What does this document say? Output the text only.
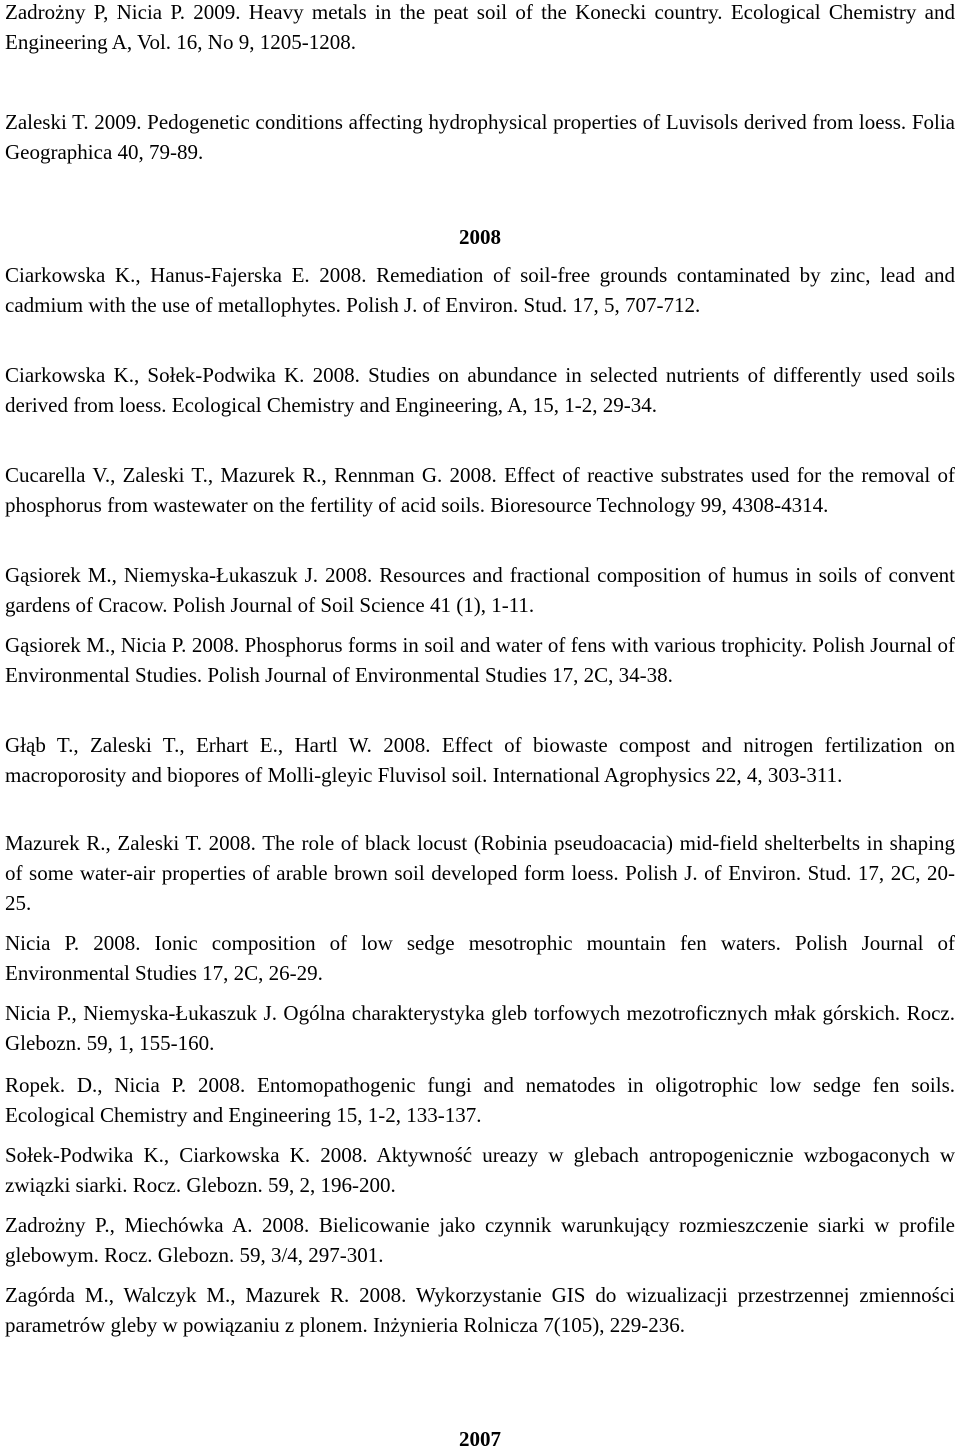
Zadrożny P, Nicia P. 2009. Heavy metals in the peat soil of the Konecki country. Ecological Chemistry and Engineering A, Vol. 16, No 9, 1205-1208.
Zaleski T. 2009. Pedogenetic conditions affecting hydrophysical properties of Luvisols derived from loess. Folia Geographica 40, 79-89.
2008
Ciarkowska K., Hanus-Fajerska E. 2008. Remediation of soil-free grounds contaminated by zinc, lead and cadmium with the use of metallophytes. Polish J. of Environ. Stud. 17, 5, 707-712.
Ciarkowska K., Sołek-Podwika K. 2008. Studies on abundance in selected nutrients of differently used soils derived from loess. Ecological Chemistry and Engineering, A, 15, 1-2, 29-34.
Cucarella V., Zaleski T., Mazurek R., Rennman G. 2008. Effect of reactive substrates used for the removal of phosphorus from wastewater on the fertility of acid soils. Bioresource Technology 99, 4308-4314.
Gąsiorek M., Niemyska-Łukaszuk J. 2008. Resources and fractional composition of humus in soils of convent gardens of Cracow. Polish Journal of Soil Science 41 (1), 1-11.
Gąsiorek M., Nicia P. 2008. Phosphorus forms in soil and water of fens with various trophicity. Polish Journal of Environmental Studies. Polish Journal of Environmental Studies 17, 2C, 34-38.
Głąb T., Zaleski T., Erhart E., Hartl W. 2008. Effect of biowaste compost and nitrogen fertilization on macroporosity and biopores of Molli-gleyic Fluvisol soil. International Agrophysics 22, 4, 303-311.
Mazurek R., Zaleski T. 2008. The role of black locust (Robinia pseudoacacia) mid-field shelterbelts in shaping of some water-air properties of arable brown soil developed form loess. Polish J. of Environ. Stud. 17, 2C, 20-25.
Nicia P. 2008. Ionic composition of low sedge mesotrophic mountain fen waters. Polish Journal of Environmental Studies 17, 2C, 26-29.
Nicia P., Niemyska-Łukaszuk J. Ogólna charakterystyka gleb torfowych mezotroficznych młak górskich. Rocz. Glebozn. 59, 1, 155-160.
Ropek. D., Nicia P. 2008. Entomopathogenic fungi and nematodes in oligotrophic low sedge fen soils. Ecological Chemistry and Engineering 15, 1-2, 133-137.
Sołek-Podwika K., Ciarkowska K. 2008. Aktywność ureazy w glebach antropogenicznie wzbogaconych w związki siarki. Rocz. Glebozn. 59, 2, 196-200.
Zadrożny P., Miechówka A. 2008. Bielicowanie jako czynnik warunkujący rozmieszczenie siarki w profile glebowym. Rocz. Glebozn. 59, 3/4, 297-301.
Zagórda M., Walczyk M., Mazurek R. 2008. Wykorzystanie GIS do wizualizacji przestrzennej zmienności parametrów gleby w powiązaniu z plonem. Inżynieria Rolnicza 7(105), 229-236.
2007
